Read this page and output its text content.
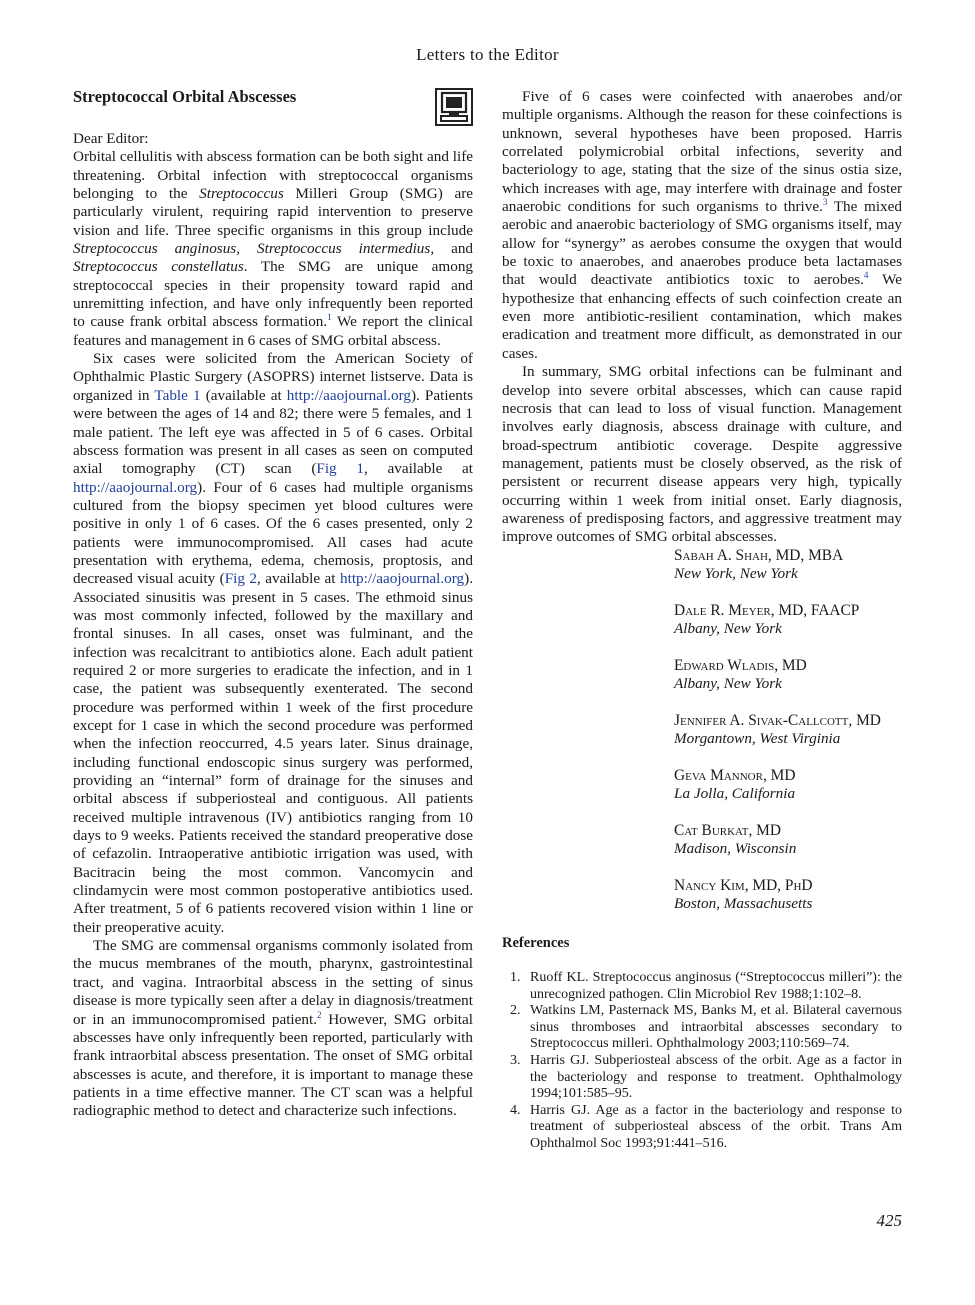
Letters to the Editor
Streptococcal Orbital Abscesses

Dear Editor:

Orbital cellulitis with abscess formation can be both sight and life threatening. Orbital infection with streptococcal organisms belonging to the Streptococcus Milleri Group (SMG) are particularly virulent, requiring rapid intervention to preserve vision and life. Three specific organisms in this group include Streptococcus anginosus, Streptococcus intermedius, and Streptococcus constellatus. The SMG are unique among streptococcal species in their propensity toward rapid and unremitting infection, and have only infrequently been reported to cause frank orbital abscess formation.$^1$ We report the clinical features and management in 6 cases of SMG orbital abscess.

Six cases were solicited from the American Society of Ophthalmic Plastic Surgery (ASOPRS) internet listserve. Data is organized in Table 1 (available at http://aaojournal.org). Patients were between the ages of 14 and 82; there were 5 females, and 1 male patient. The left eye was affected in 5 of 6 cases. Orbital abscess formation was present in all cases as seen on computed axial tomography (CT) scan (Fig 1, available at http://aaojournal.org). Four of 6 cases had multiple organisms cultured from the biopsy specimen yet blood cultures were positive in only 1 of 6 cases. Of the 6 cases presented, only 2 patients were immunocompromised. All cases had acute presentation with erythema, edema, chemosis, proptosis, and decreased visual acuity (Fig 2, available at http://aaojournal.org). Associated sinusitis was present in 5 cases. The ethmoid sinus was most commonly infected, followed by the maxillary and frontal sinuses. In all cases, onset was fulminant, and the infection was recalcitrant to antibiotics alone. Each adult patient required 2 or more surgeries to eradicate the infection, and in 1 case, the patient was subsequently exenterated. The second procedure was performed within 1 week of the first procedure except for 1 case in which the second procedure was performed when the infection reoccurred, 4.5 years later. Sinus drainage, including functional endoscopic sinus surgery was performed, providing an “internal” form of drainage for the sinuses and orbital abscess if subperiosteal and contiguous. All patients received multiple intravenous (IV) antibiotics ranging from 10 days to 9 weeks. Patients received the standard preoperative dose of cefazolin. Intraoperative antibiotic irrigation was used, with Bacitracin being the most common. Vancomycin and clindamycin were most common postoperative antibiotics used. After treatment, 5 of 6 patients recovered vision within 1 line or their preoperative acuity.

The SMG are commensal organisms commonly isolated from the mucus membranes of the mouth, pharynx, gastrointestinal tract, and vagina. Intraorbital abscess in the setting of sinus disease is more typically seen after a delay in diagnosis/treatment or in an immunocompromised patient.$^2$ However, SMG orbital abscesses have only infrequently been reported, particularly with frank intraorbital abscess presentation. The onset of SMG orbital abscesses is acute, and therefore, it is important to manage these patients in a time effective manner. The CT scan was a helpful radiographic method to detect and characterize such infections.

Five of 6 cases were coinfected with anaerobes and/or multiple organisms. Although the reason for these coinfections is unknown, several hypotheses have been proposed. Harris correlated polymicrobial orbital infections, severity and bacteriology to age, stating that the size of the sinus ostia size, which increases with age, may interfere with drainage and foster anaerobic conditions for such organisms to thrive.$^3$ The mixed aerobic and anaerobic bacteriology of SMG organisms itself, may allow for “synergy” as aerobes consume the oxygen that would be toxic to anaerobes, and anaerobes produce beta lactamases that would deactivate antibiotics toxic to aerobes.$^4$ We hypothesize that enhancing effects of such coinfection create an even more antibiotic-resilient contamination, which makes eradication and treatment more difficult, as demonstrated in our cases.

In summary, SMG orbital infections can be fulminant and develop into severe orbital abscesses, which can cause rapid necrosis that can lead to loss of visual function. Management involves early diagnosis, abscess drainage with culture, and broad-spectrum antibiotic coverage. Despite aggressive management, patients must be closely observed, as the risk of persistent or recurrent disease appears very high, typically occurring within 1 week from initial onset. Early diagnosis, awareness of predisposing factors, and aggressive treatment may improve outcomes of SMG orbital abscesses.

Sabah A. Shah, MD, MBA
New York, New York
Dale R. Meyer, MD, FAACP
Albany, New York
Edward Wladis, MD
Albany, New York
Jennifer A. Sivak-Callcott, MD
Morgantown, West Virginia
Geva Mannor, MD
La Jolla, California
Cat Burkat, MD
Madison, Wisconsin
Nancy Kim, MD, PhD
Boston, Massachusetts
References
1. Ruoff KL. Streptococcus anginosus (“Streptococcus milleri”): the unrecognized pathogen. Clin Microbiol Rev 1988;1:102–8.
2. Watkins LM, Pasternack MS, Banks M, et al. Bilateral cavernous sinus thromboses and intraorbital abscesses secondary to Streptococcus milleri. Ophthalmology 2003;110:569–74.
3. Harris GJ. Subperiosteal abscess of the orbit. Age as a factor in the bacteriology and response to treatment. Ophthalmology 1994;101:585–95.
4. Harris GJ. Age as a factor in the bacteriology and response to treatment of subperiosteal abscess of the orbit. Trans Am Ophthalmol Soc 1993;91:441–516.
425
